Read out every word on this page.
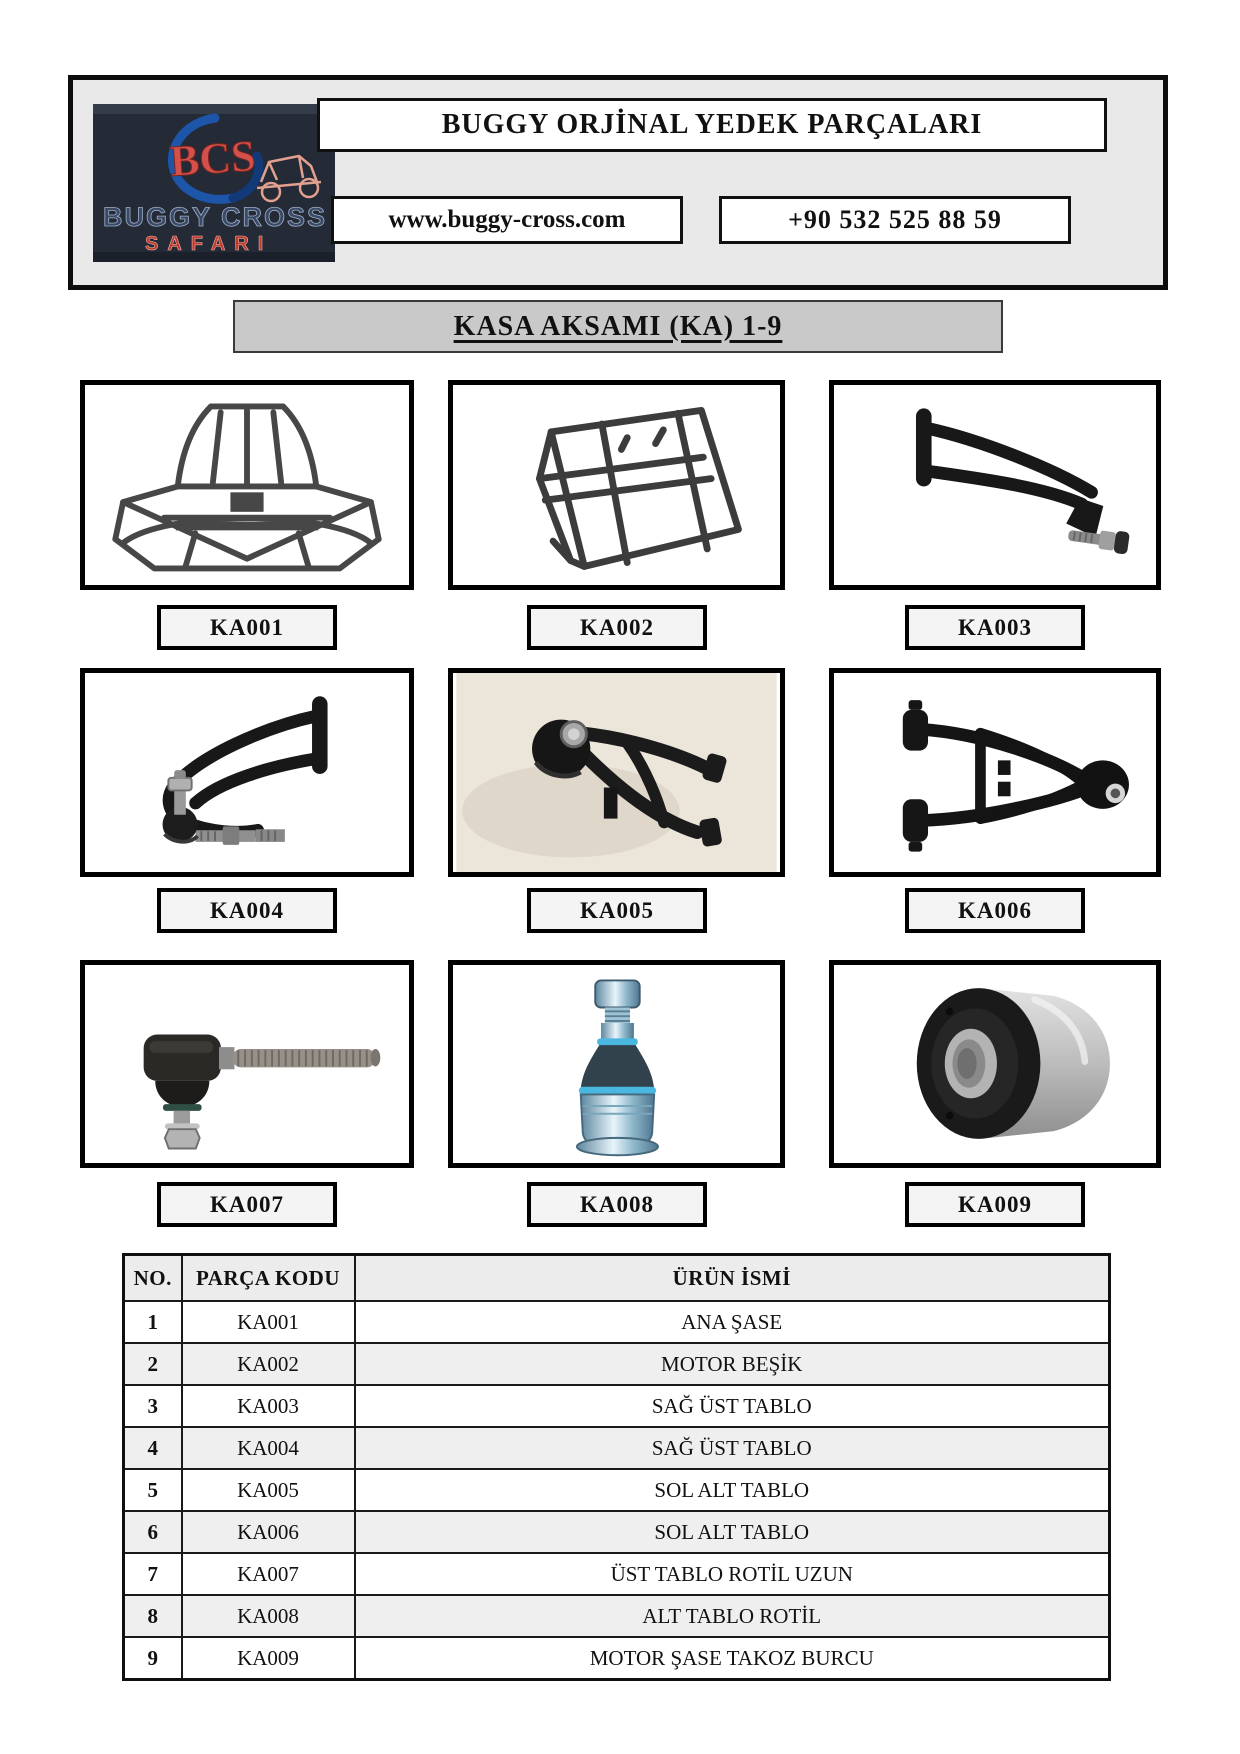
BCS
BUGGY CROSS
SAFARI
BUGGY ORJİNAL YEDEK PARÇALARI
www.buggy-cross.com	+90 532 525 88 59
KASA AKSAMI (KA) 1-9
KA001	KA002	KA003
KA004	KA005	KA006
KA007	KA008	KA009
NO.	PARÇA KODU	ÜRÜN İSMİ
1	KA001	ANA ŞASE
2	KA002	MOTOR BEŞİK
3	KA003	SAĞ ÜST TABLO
4	KA004	SAĞ ÜST TABLO
5	KA005	SOL ALT TABLO
6	KA006	SOL ALT TABLO
7	KA007	ÜST TABLO ROTİL UZUN
8	KA008	ALT TABLO ROTİL
9	KA009	MOTOR ŞASE TAKOZ BURCU
